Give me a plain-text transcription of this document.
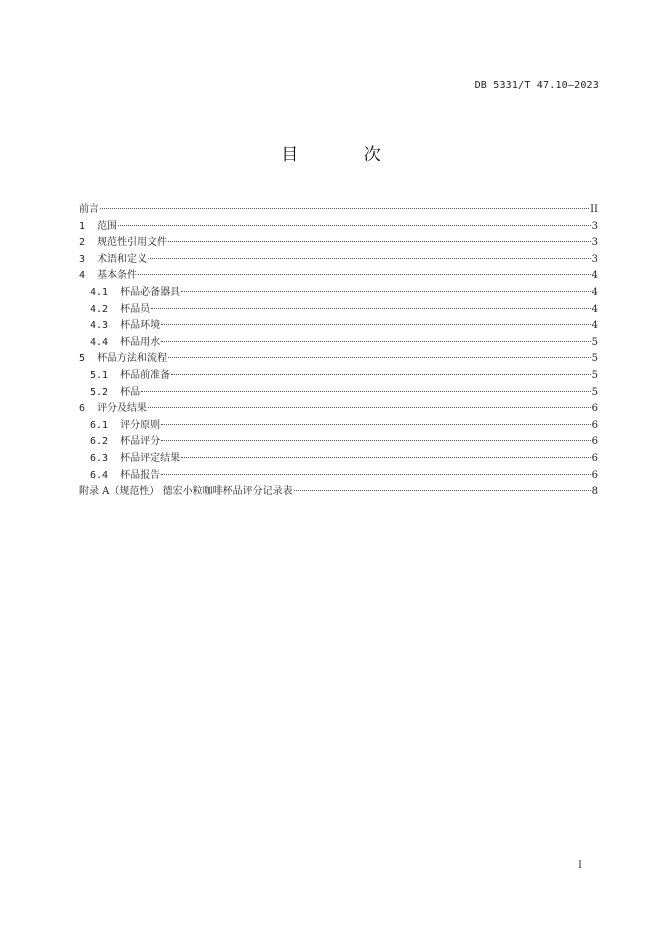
DB 5331/T 47.10—2023
目 次
前言	II
1 范围	3
2 规范性引用文件	3
3 术语和定义	3
4 基本条件	4
4.1 杯品必备器具	4
4.2 杯品员	4
4.3 杯品环境	4
4.4 杯品用水	5
5 杯品方法和流程	5
5.1 杯品前准备	5
5.2 杯品	5
6 评分及结果	6
6.1 评分原则	6
6.2 杯品评分	6
6.3 杯品评定结果	6
6.4 杯品报告	6
附录 A（规范性） 德宏小粒咖啡杯品评分记录表	8
I
